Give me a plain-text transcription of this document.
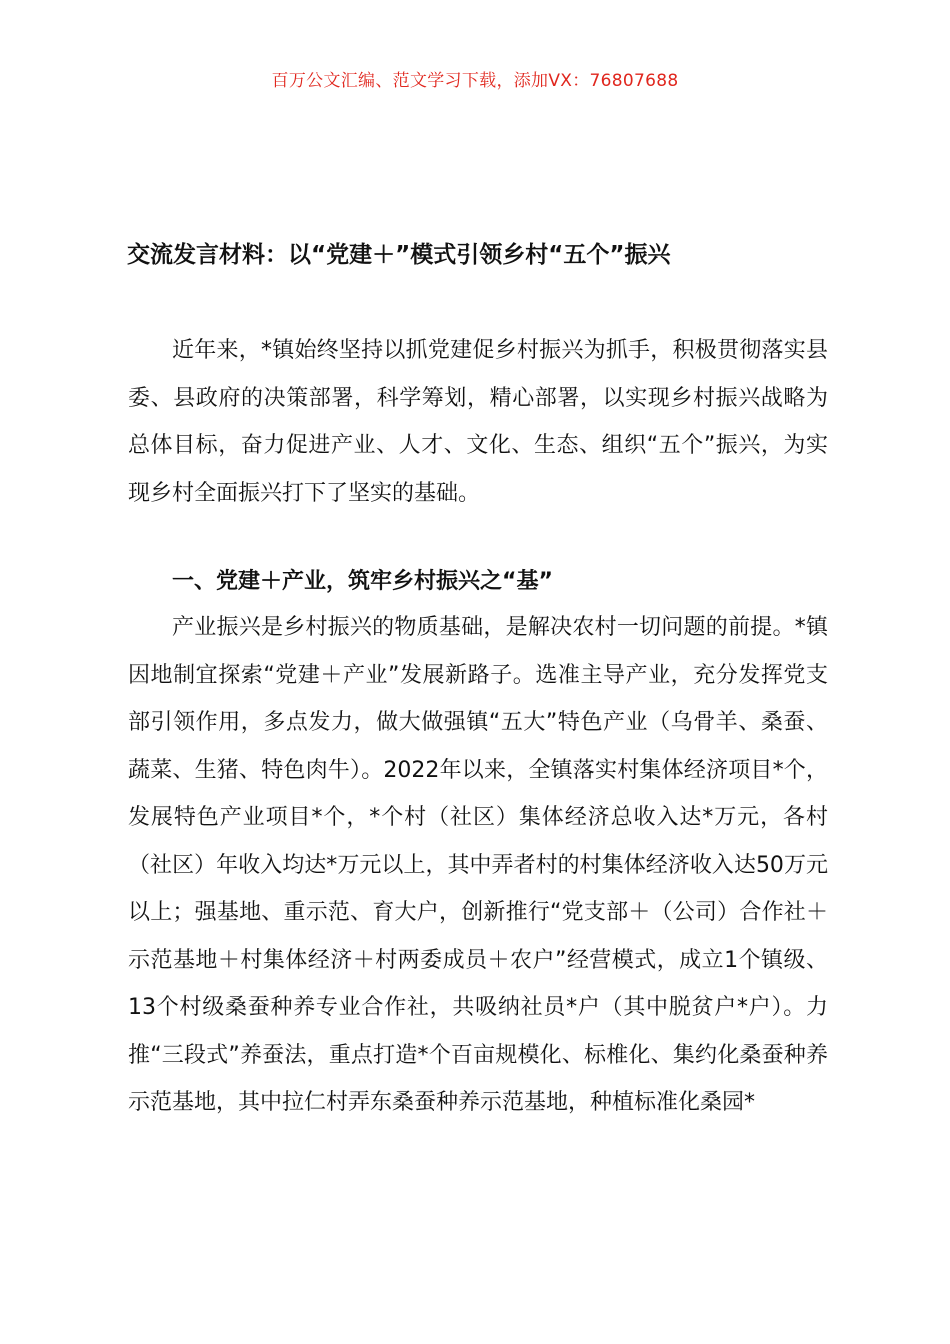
百万公文汇编、范文学习下载，添加VX：76807688
交流发言材料：以“党建＋”模式引领乡村“五个”振兴

近年来，*镇始终坚持以抓党建促乡村振兴为抓手，积极贯彻落实县委、县政府的决策部署，科学筹划，精心部署，以实现乡村振兴战略为总体目标，奋力促进产业、人才、文化、生态、组织“五个”振兴，为实现乡村全面振兴打下了坚实的基础。

一、党建＋产业，筑牢乡村振兴之“基”

产业振兴是乡村振兴的物质基础，是解决农村一切问题的前提。*镇因地制宜探索“党建＋产业”发展新路子。选准主导产业，充分发挥党支部引领作用，多点发力，做大做强镇“五大”特色产业（乌骨羊、桑蚕、蔬菜、生猪、特色肉牛）。2022年以来，全镇落实村集体经济项目*个，发展特色产业项目*个，*个村（社区）集体经济总收入达*万元，各村（社区）年收入均达*万元以上，其中弄者村的村集体经济收入达50万元以上；强基地、重示范、育大户，创新推行“党支部＋（公司）合作社＋示范基地＋村集体经济＋村两委成员＋农户”经营模式，成立1个镇级、13个村级桑蚕种养专业合作社，共吸纳社员*户（其中脱贫户*户）。力推“三段式”养蚕法，重点打造*个百亩规模化、标椎化、集约化桑蚕种养示范基地，其中拉仁村弄东桑蚕种养示范基地，种植标准化桑园*
